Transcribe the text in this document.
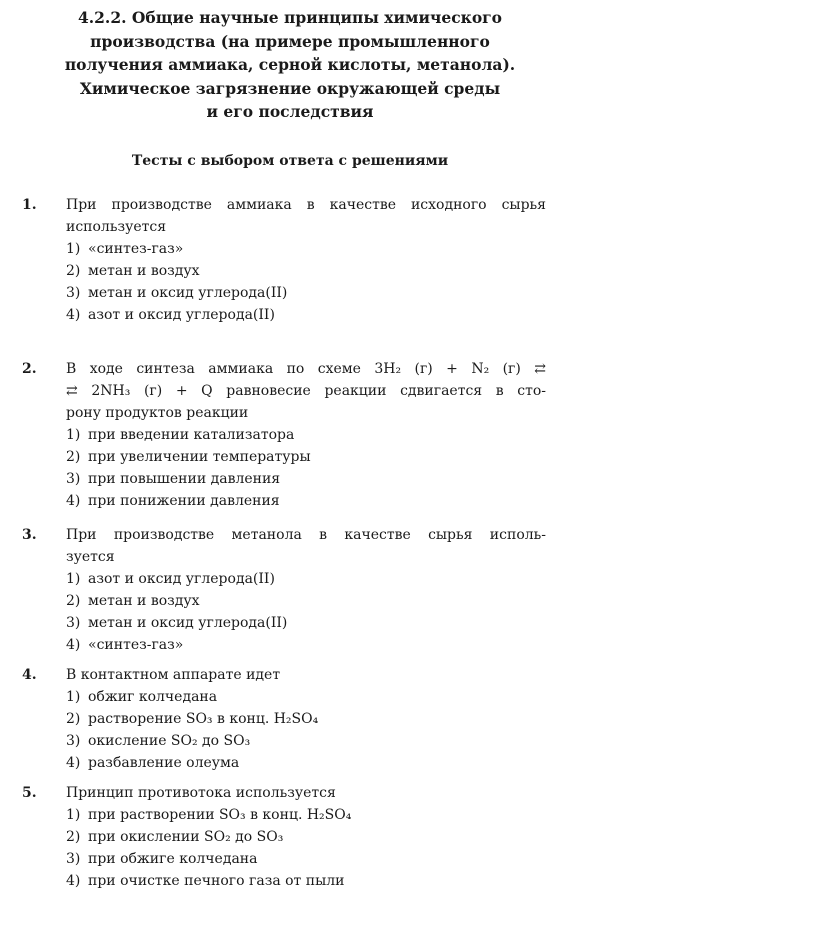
4.2.2. Общие научные принципы химического
производства (на примере промышленного
получения аммиака, серной кислоты, метанола).
Химическое загрязнение окружающей среды
и его последствия
Тесты с выбором ответа с решениями
1. При производстве аммиака в качестве исходного сырья
используется
1) «синтез-газ»
2) метан и воздух
3) метан и оксид углерода(II)
4) азот и оксид углерода(II)
2. В ходе синтеза аммиака по схеме 3H₂ (г) + N₂ (г) ⇄
⇄ 2NH₃ (г) + Q равновесие реакции сдвигается в сто-
рону продуктов реакции
1) при введении катализатора
2) при увеличении температуры
3) при повышении давления
4) при понижении давления
3. При производстве метанола в качестве сырья исполь-
зуется
1) азот и оксид углерода(II)
2) метан и воздух
3) метан и оксид углерода(II)
4) «синтез-газ»
4. В контактном аппарате идет
1) обжиг колчедана
2) растворение SO₃ в конц. H₂SO₄
3) окисление SO₂ до SO₃
4) разбавление олеума
5. Принцип противотока используется
1) при растворении SO₃ в конц. H₂SO₄
2) при окислении SO₂ до SO₃
3) при обжиге колчедана
4) при очистке печного газа от пыли
